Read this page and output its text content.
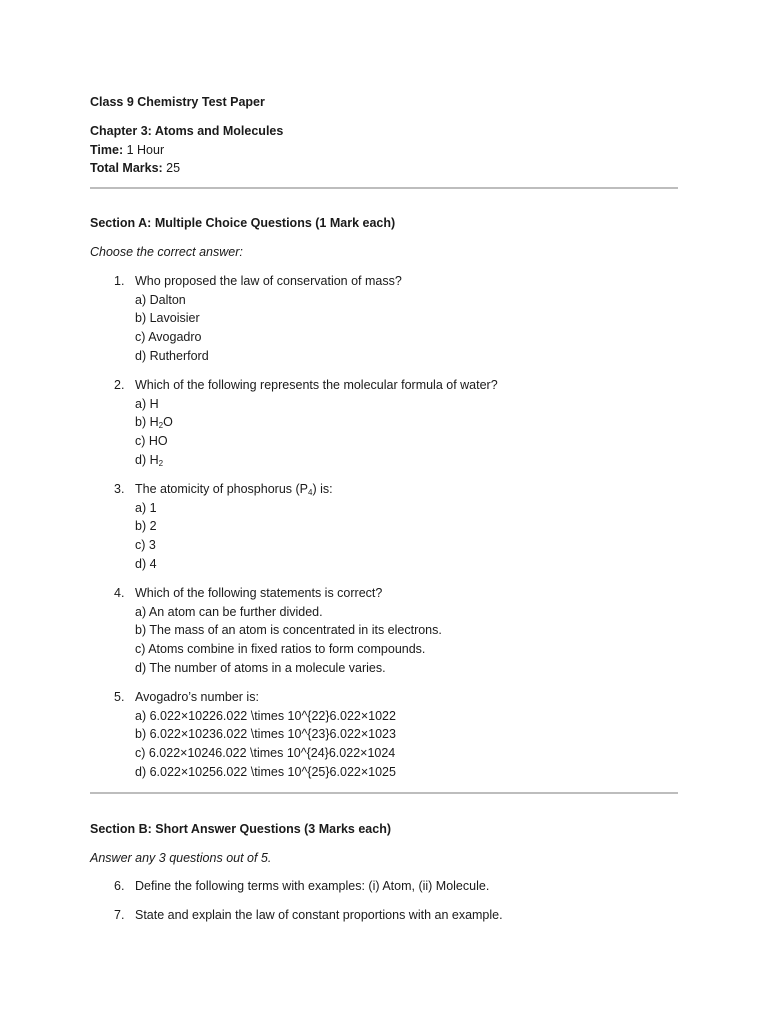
Class 9 Chemistry Test Paper
Chapter 3: Atoms and Molecules
Time: 1 Hour
Total Marks: 25
Section A: Multiple Choice Questions (1 Mark each)
Choose the correct answer:
1. Who proposed the law of conservation of mass?
a) Dalton
b) Lavoisier
c) Avogadro
d) Rutherford
2. Which of the following represents the molecular formula of water?
a) H
b) $H_2O$
c) HO
d) $H_2$
3. The atomicity of phosphorus $(P_4)$ is:
a) 1
b) 2
c) 3
d) 4
4. Which of the following statements is correct?
a) An atom can be further divided.
b) The mass of an atom is concentrated in its electrons.
c) Atoms combine in fixed ratios to form compounds.
d) The number of atoms in a molecule varies.
5. Avogadro’s number is:
a) 6.022×10226.022 \times 10^{22}6.022×1022
b) 6.022×10236.022 \times 10^{23}6.022×1023
c) 6.022×10246.022 \times 10^{24}6.022×1024
d) 6.022×10256.022 \times 10^{25}6.022×1025
Section B: Short Answer Questions (3 Marks each)
Answer any 3 questions out of 5.
6. Define the following terms with examples: (i) Atom, (ii) Molecule.
7. State and explain the law of constant proportions with an example.
